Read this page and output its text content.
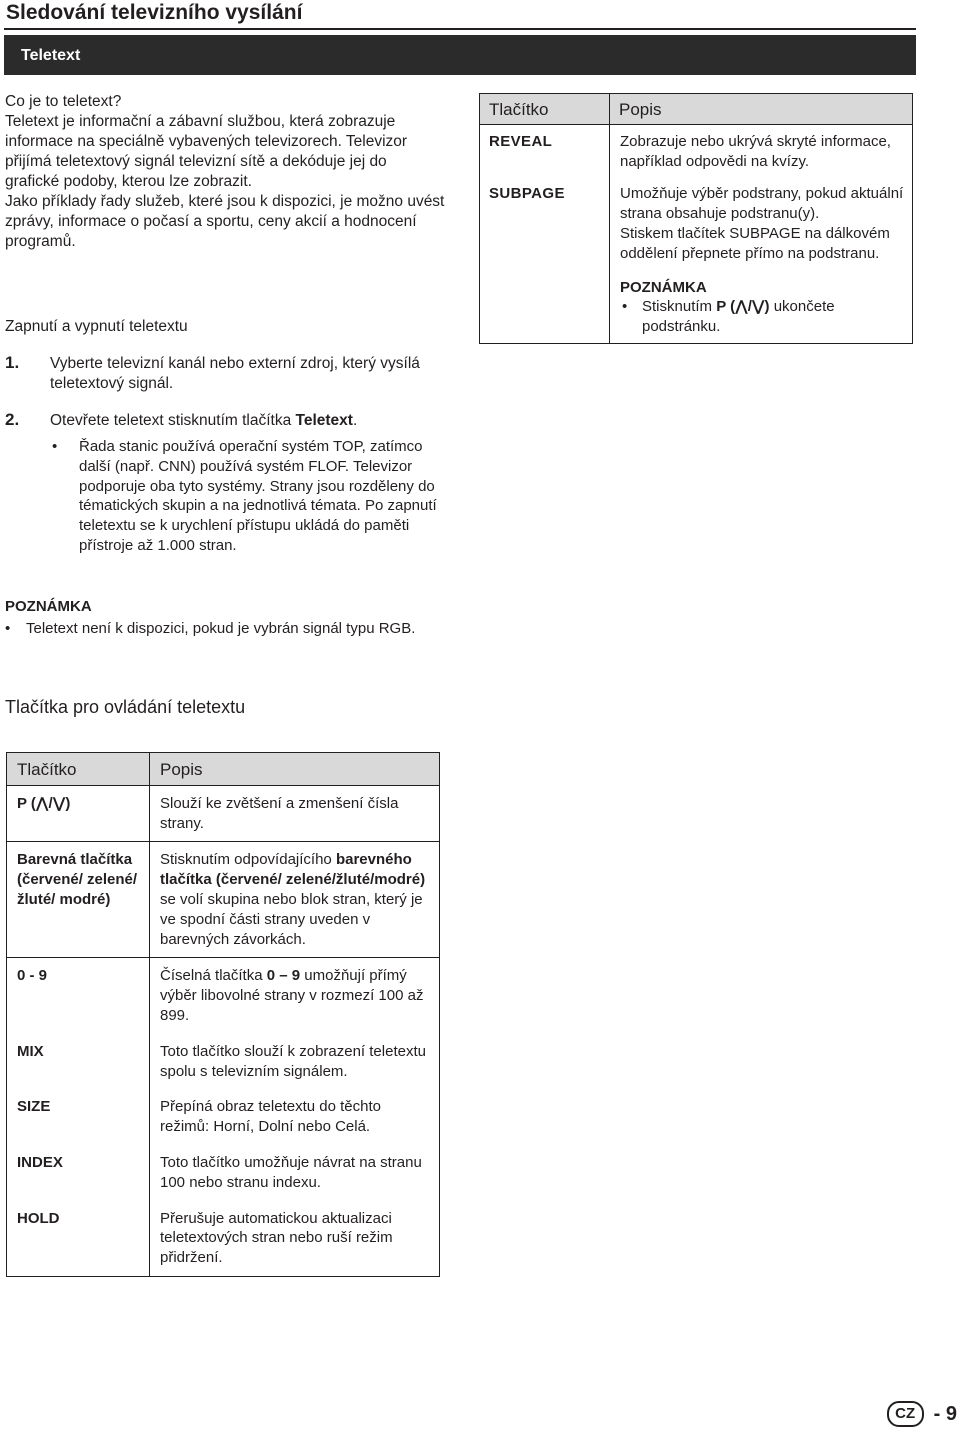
Sledování televizního vysílání
Teletext

Co je to teletext?

Teletext je informační a zábavní službou, která zobrazuje informace na speciálně vybavených televizorech. Televizor přijímá teletextový signál televizní sítě a dekóduje jej do grafické podoby, kterou lze zobrazit.

Jako příklady řady služeb, které jsou k dispozici, je možno uvést zprávy, informace o počasí a sportu, ceny akcií a hodnocení programů.

Zapnutí a vypnutí teletextu
1. Vyberte televizní kanál nebo externí zdroj, který vysílá teletextový signál.
2. Otevřete teletext stisknutím tlačítka Teletext.
• Řada stanic používá operační systém TOP, zatímco další (např. CNN) používá systém FLOF. Televizor podporuje oba tyto systémy. Strany jsou rozděleny do tématických skupin a na jednotlivá témata. Po zapnutí teletextu se k urychlení přístupu ukládá do paměti přístroje až 1.000 stran.
POZNÁMKA
• Teletext není k dispozici, pokud je vybrán signál typu RGB.
Tlačítka pro ovládání teletextu
Tlačítko	Popis
P (⋀/⋁)	Slouží ke zvětšení a zmenšení čísla strany.
Barevná tlačítka (červené/ zelené/žluté/ modré)	Stisknutím odpovídajícího barevného tlačítka (červené/ zelené/žluté/modré) se volí skupina nebo blok stran, který je ve spodní části strany uveden v barevných závorkách.
0 - 9	Číselná tlačítka 0 – 9 umožňují přímý výběr libovolné strany v rozmezí 100 až 899.
MIX	Toto tlačítko slouží k zobrazení teletextu spolu s televizním signálem.
SIZE	Přepíná obraz teletextu do těchto režimů: Horní, Dolní nebo Celá.
INDEX	Toto tlačítko umožňuje návrat na stranu 100 nebo stranu indexu.
HOLD	Přerušuje automatickou aktualizaci teletextových stran nebo ruší režim přidržení.
Tlačítko	Popis
REVEAL	Zobrazuje nebo ukrývá skryté informace, například odpovědi na kvízy.
SUBPAGE	Umožňuje výběr podstrany, pokud aktuální strana obsahuje podstranu(y).
Stiskem tlačítek SUBPAGE na dálkovém oddělení přepnete přímo na podstranu.
POZNÁMKA
• Stisknutím P (⋀/⋁) ukončete podstránku.
CZ - 9
